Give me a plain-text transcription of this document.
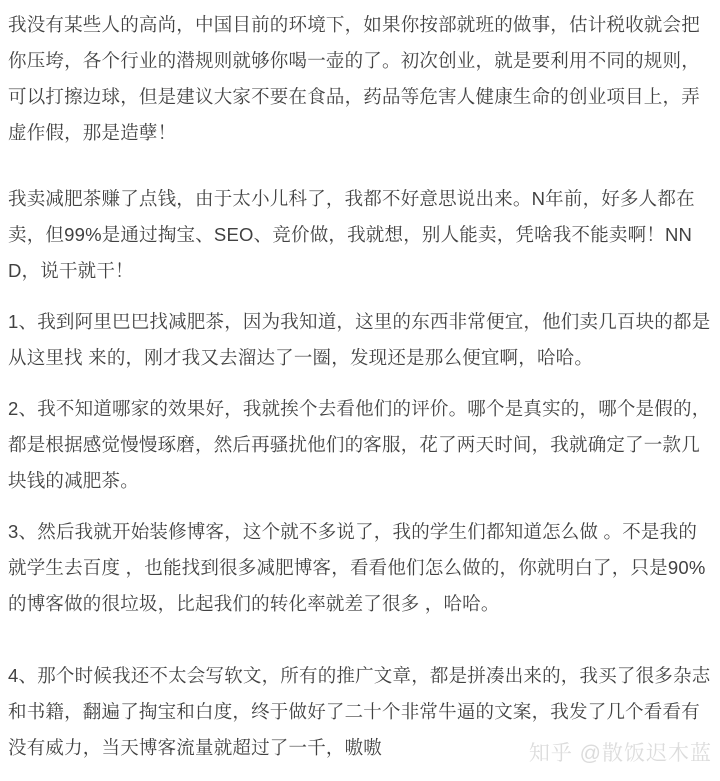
我没有某些人的高尚，中国目前的环境下，如果你按部就班的做事，估计税收就会把你压垮，各个行业的潜规则就够你喝一壶的了。初次创业，就是要利用不同的规则，可以打擦边球，但是建议大家不要在食品，药品等危害人健康生命的创业项目上，弄虚作假，那是造孽！

我卖减肥茶赚了点钱，由于太小儿科了，我都不好意思说出来。N年前，好多人都在卖，但99%是通过掏宝、SEO、竞价做，我就想，别人能卖，凭啥我不能卖啊！NND，说干就干！

1、我到阿里巴巴找减肥茶，因为我知道，这里的东西非常便宜，他们卖几百块的都是从这里找 来的，刚才我又去溜达了一圈，发现还是那么便宜啊，哈哈。

2、我不知道哪家的效果好，我就挨个去看他们的评价。哪个是真实的，哪个是假的，都是根据感觉慢慢琢磨，然后再骚扰他们的客服，花了两天时间，我就确定了一款几块钱的减肥茶。

3、然后我就开始装修博客，这个就不多说了，我的学生们都知道怎么做 。不是我的就学生去百度 ，也能找到很多减肥博客，看看他们怎么做的，你就明白了，只是90%的博客做的很垃圾，比起我们的转化率就差了很多 ，哈哈。

4、那个时候我还不太会写软文，所有的推广文章，都是拼凑出来的，我买了很多杂志和书籍，翻遍了掏宝和白度，终于做好了二十个非常牛逼的文案，我发了几个看看有没有威力，当天博客流量就超过了一千，嗷嗷	知乎 @散饭迟木蓝
